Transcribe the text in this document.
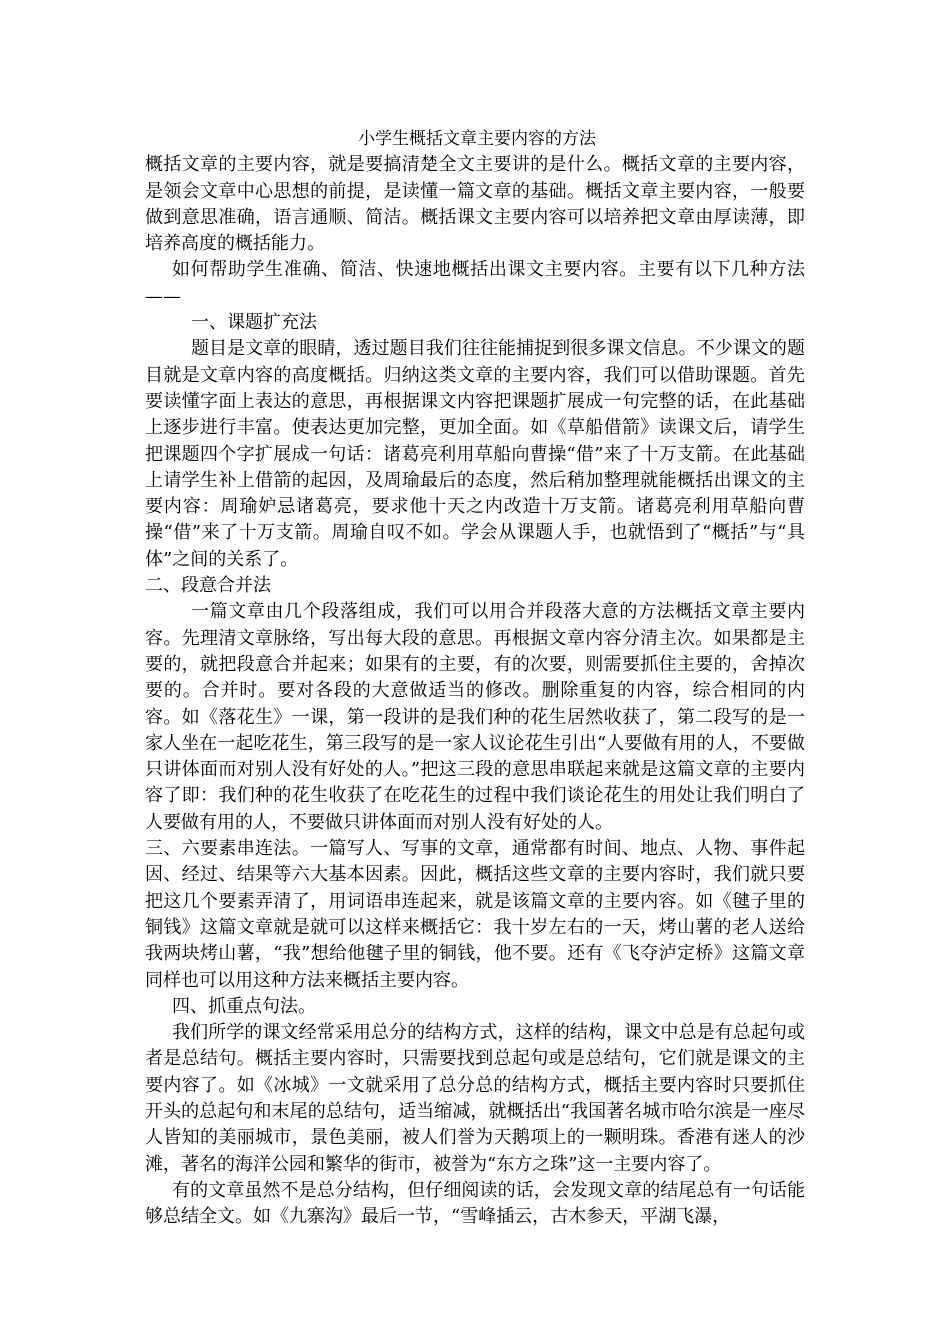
小学生概括文章主要内容的方法

概括文章的主要内容，就是要搞清楚全文主要讲的是什么。概括文章的主要内容，是领会文章中心思想的前提，是读懂一篇文章的基础。概括文章主要内容，一般要做到意思准确，语言通顺、简洁。概括课文主要内容可以培养把文章由厚读薄，即培养高度的概括能力。

如何帮助学生准确、简洁、快速地概括出课文主要内容。主要有以下几种方法——

一、课题扩充法

题目是文章的眼睛，透过题目我们往往能捕捉到很多课文信息。不少课文的题目就是文章内容的高度概括。归纳这类文章的主要内容，我们可以借助课题。首先要读懂字面上表达的意思，再根据课文内容把课题扩展成一句完整的话，在此基础上逐步进行丰富。使表达更加完整，更加全面。如《草船借箭》读课文后，请学生把课题四个字扩展成一句话：诸葛亮利用草船向曹操“借”来了十万支箭。在此基础上请学生补上借箭的起因，及周瑜最后的态度，然后稍加整理就能概括出课文的主要内容：周瑜妒忌诸葛亮，要求他十天之内改造十万支箭。诸葛亮利用草船向曹操“借”来了十万支箭。周瑜自叹不如。学会从课题人手，也就悟到了“概括”与“具体”之间的关系了。

二、段意合并法

一篇文章由几个段落组成，我们可以用合并段落大意的方法概括文章主要内容。先理清文章脉络，写出每大段的意思。再根据文章内容分清主次。如果都是主要的，就把段意合并起来；如果有的主要，有的次要，则需要抓住主要的，舍掉次要的。合并时。要对各段的大意做适当的修改。删除重复的内容，综合相同的内容。如《落花生》一课，第一段讲的是我们种的花生居然收获了，第二段写的是一家人坐在一起吃花生，第三段写的是一家人议论花生引出“人要做有用的人，不要做只讲体面而对别人没有好处的人。”把这三段的意思串联起来就是这篇文章的主要内容了即：我们种的花生收获了在吃花生的过程中我们谈论花生的用处让我们明白了人要做有用的人，不要做只讲体面而对别人没有好处的人。

三、六要素串连法。一篇写人、写事的文章，通常都有时间、地点、人物、事件起因、经过、结果等六大基本因素。因此，概括这些文章的主要内容时，我们就只要把这几个要素弄清了，用词语串连起来，就是该篇文章的主要内容。如《毽子里的铜钱》这篇文章就是就可以这样来概括它：我十岁左右的一天，烤山薯的老人送给我两块烤山薯，“我”想给他毽子里的铜钱，他不要。还有《飞夺泸定桥》这篇文章同样也可以用这种方法来概括主要内容。

四、抓重点句法。

我们所学的课文经常采用总分的结构方式，这样的结构，课文中总是有总起句或者是总结句。概括主要内容时，只需要找到总起句或是总结句，它们就是课文的主要内容了。如《冰城》一文就采用了总分总的结构方式，概括主要内容时只要抓住开头的总起句和末尾的总结句，适当缩减，就概括出“我国著名城市哈尔滨是一座尽人皆知的美丽城市，景色美丽，被人们誉为天鹅项上的一颗明珠。香港有迷人的沙滩，著名的海洋公园和繁华的街市，被誉为“东方之珠”这一主要内容了。

有的文章虽然不是总分结构，但仔细阅读的话，会发现文章的结尾总有一句话能够总结全文。如《九寨沟》最后一节，“雪峰插云，古木参天，平湖飞瀑，
